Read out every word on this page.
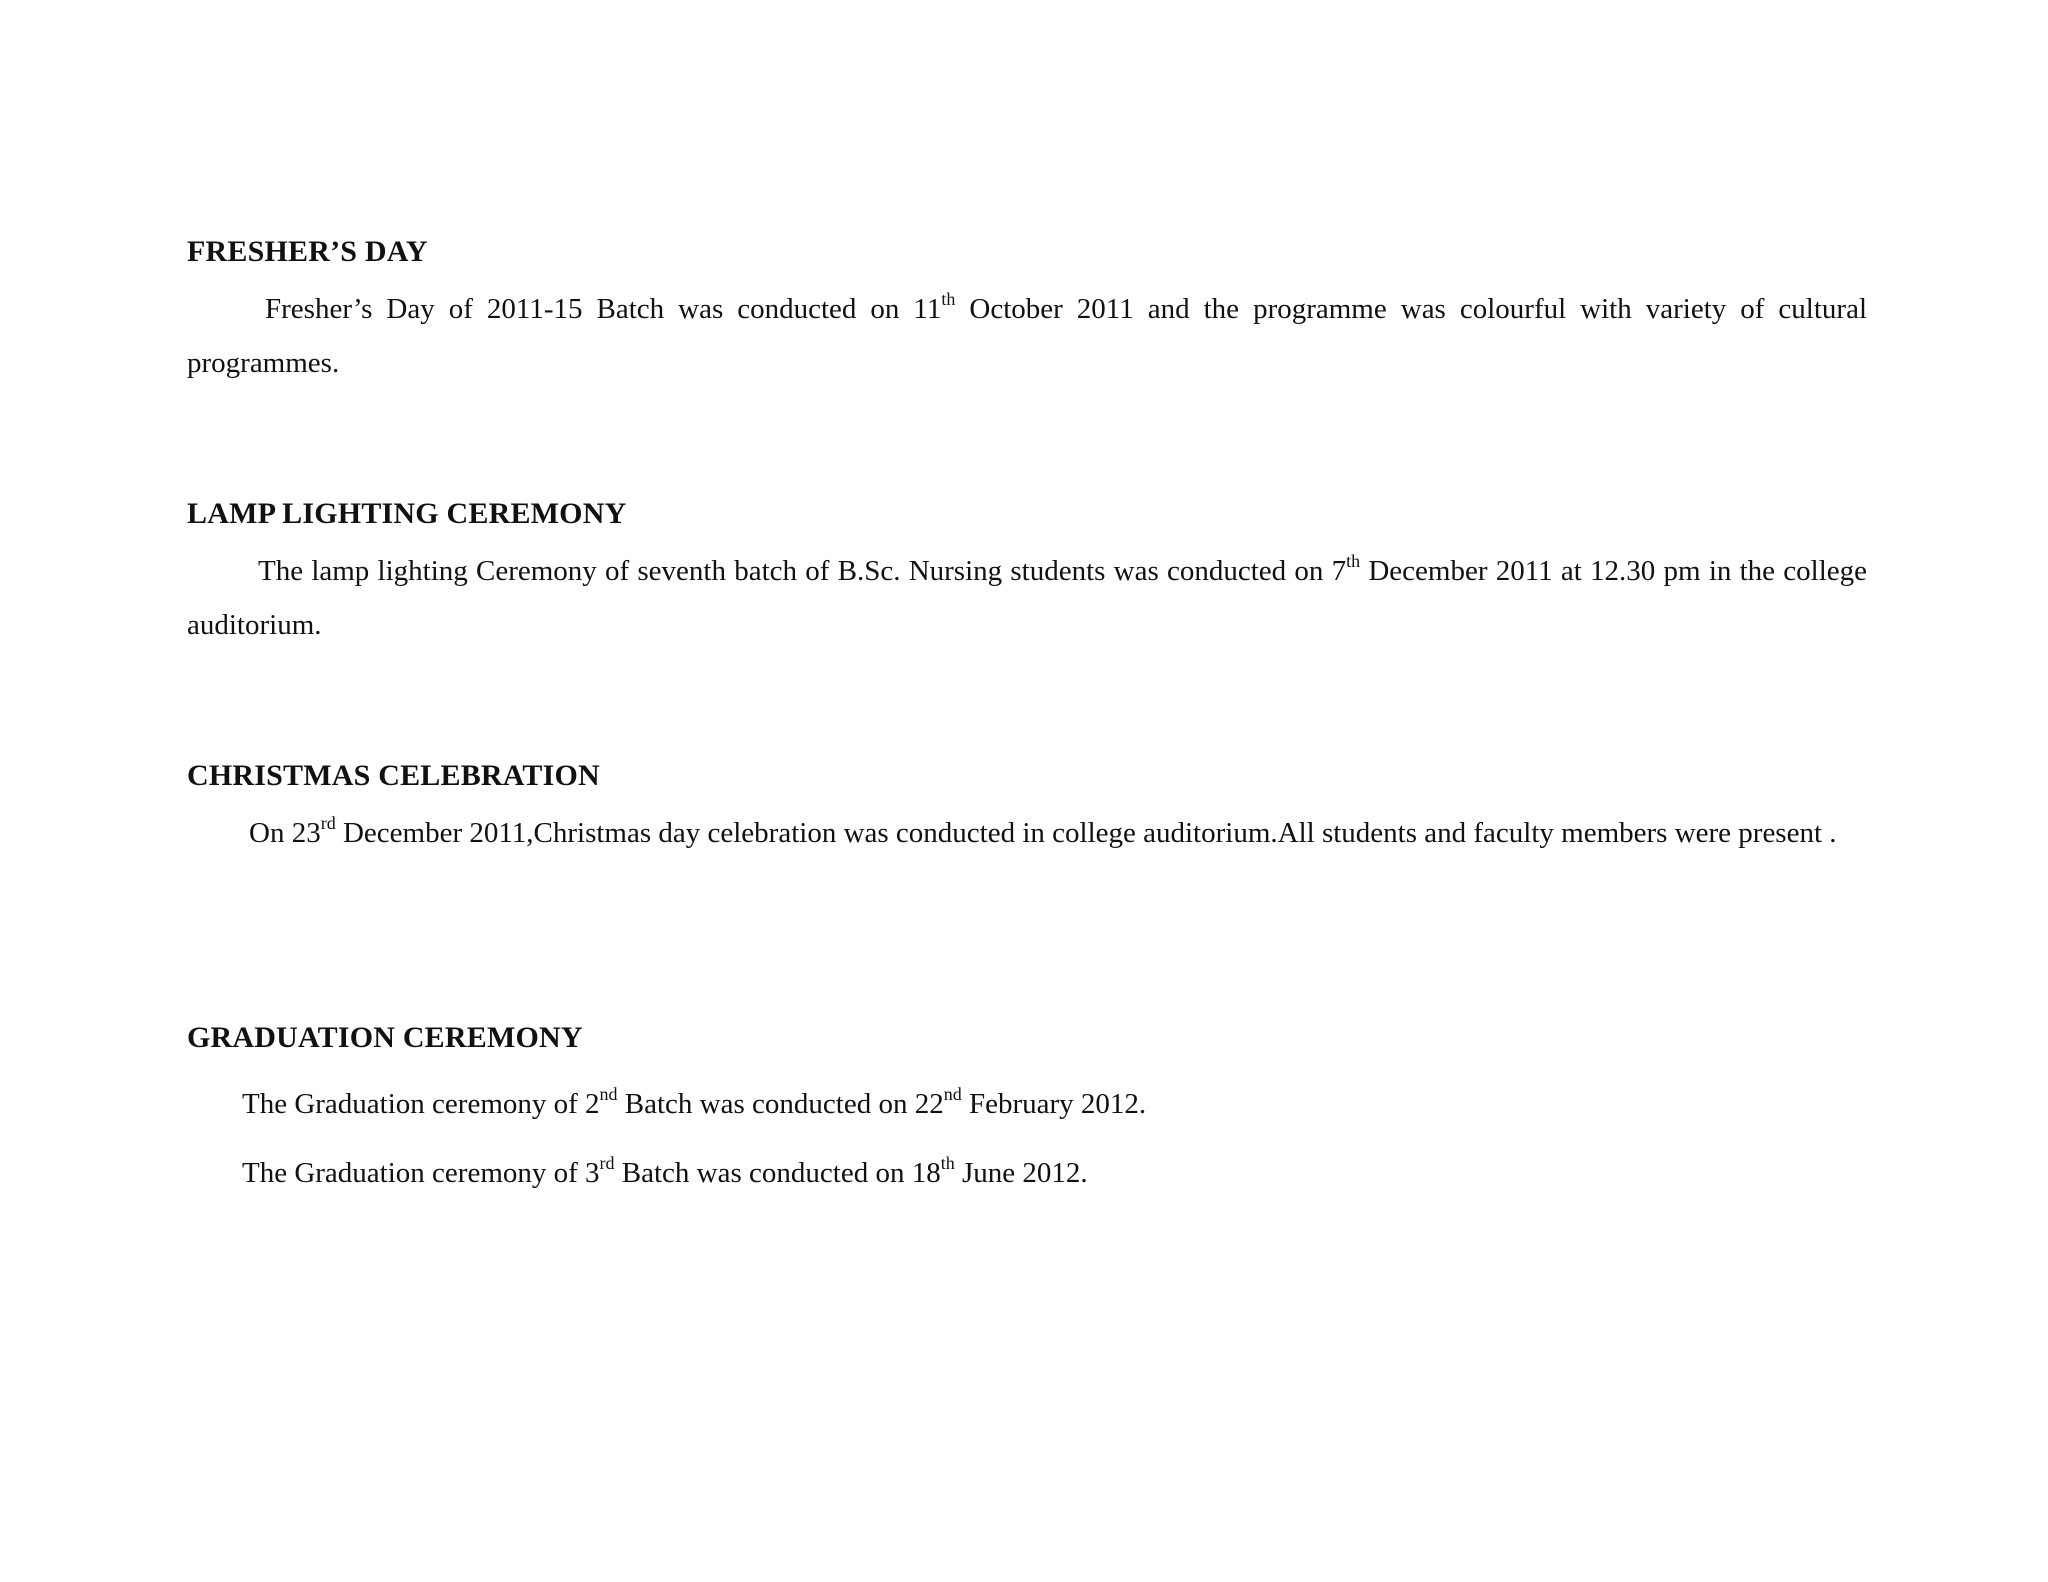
FRESHER’S DAY

Fresher’s Day of 2011-15 Batch was conducted on 11th October 2011 and the programme was colourful with variety of cultural programmes.

LAMP LIGHTING CEREMONY

The lamp lighting Ceremony of seventh batch of B.Sc. Nursing students was conducted on 7th December 2011 at 12.30 pm in the college auditorium.

CHRISTMAS CELEBRATION

On 23rd December 2011,Christmas day celebration was conducted in college auditorium.All students and faculty members were present .

GRADUATION CEREMONY

The Graduation ceremony of 2nd Batch was conducted on 22nd February 2012.

The Graduation ceremony of 3rd Batch was conducted on 18th June 2012.
